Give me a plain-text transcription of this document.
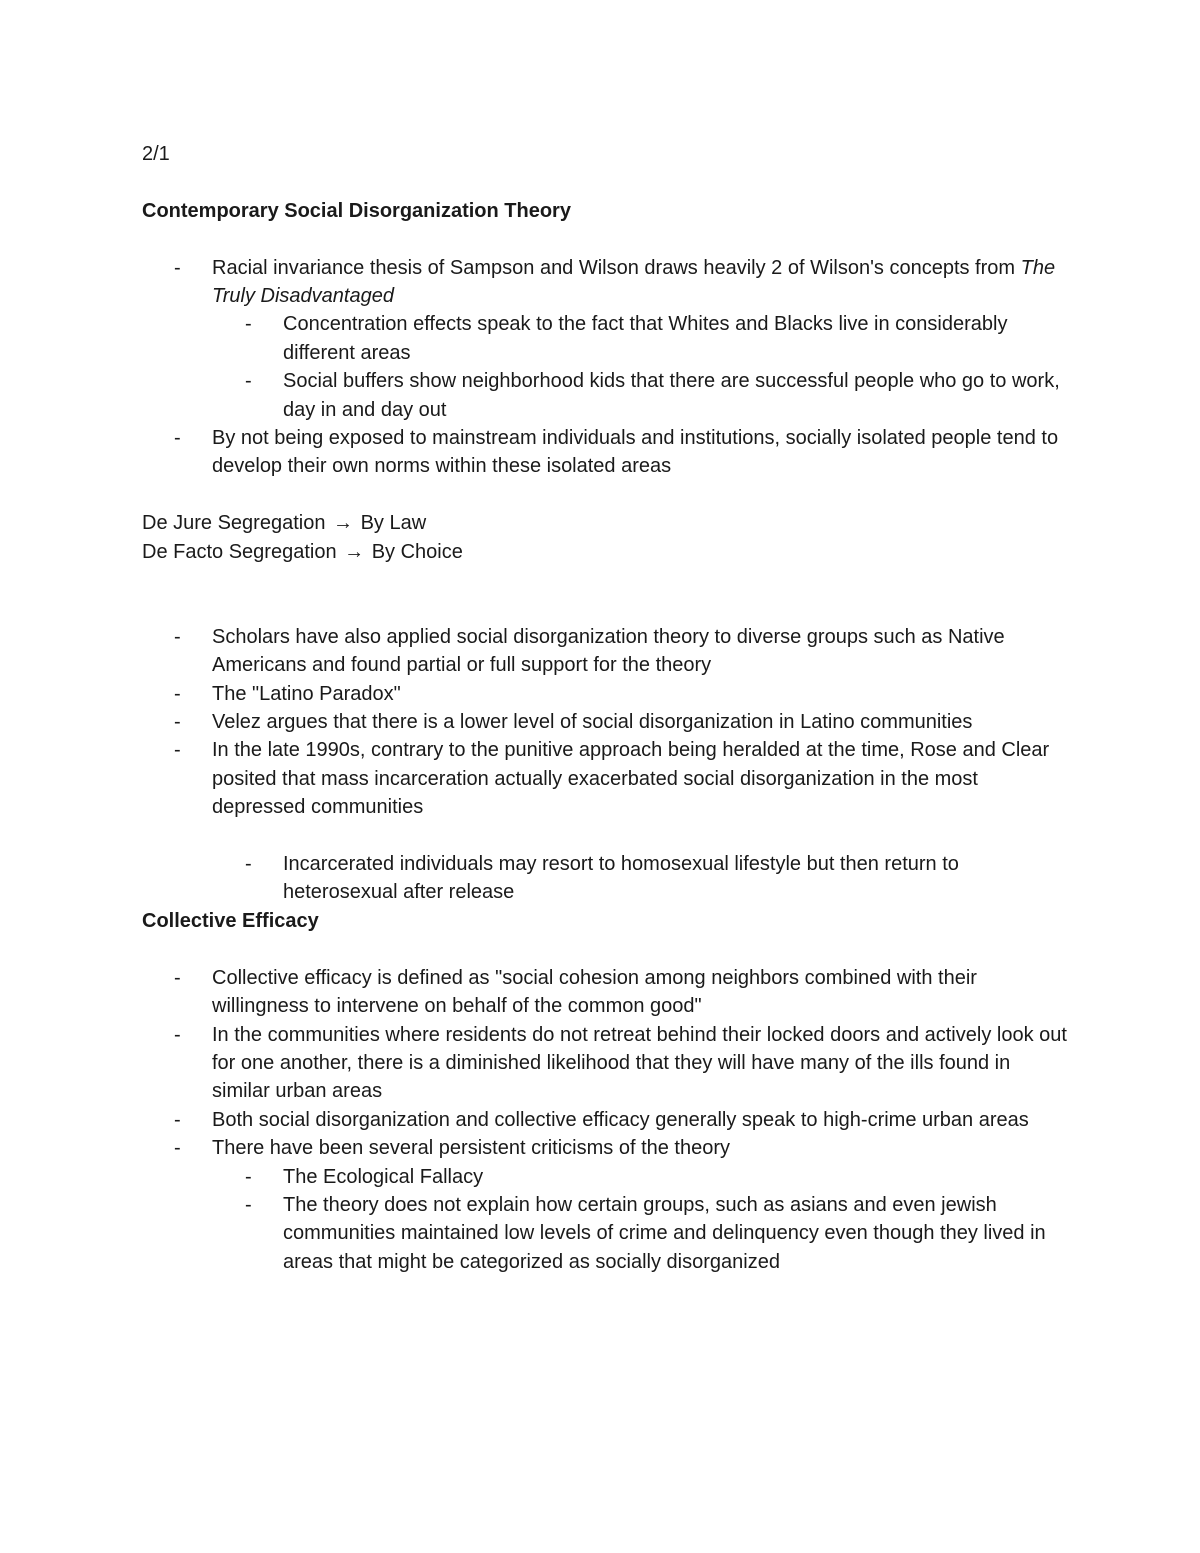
2/1

Contemporary Social Disorganization Theory

- Racial invariance thesis of Sampson and Wilson draws heavily 2 of Wilson's concepts from The Truly Disadvantaged

- Concentration effects speak to the fact that Whites and Blacks live in considerably different areas

- Social buffers show neighborhood kids that there are successful people who go to work, day in and day out

- By not being exposed to mainstream individuals and institutions, socially isolated people tend to develop their own norms within these isolated areas

De Jure Segregation → By Law

De Facto Segregation → By Choice

- Scholars have also applied social disorganization theory to diverse groups such as Native Americans and found partial or full support for the theory

- The "Latino Paradox"

- Velez argues that there is a lower level of social disorganization in Latino communities

- In the late 1990s, contrary to the punitive approach being heralded at the time, Rose and Clear posited that mass incarceration actually exacerbated social disorganization in the most depressed communities

- Incarcerated individuals may resort to homosexual lifestyle but then return to heterosexual after release

Collective Efficacy

- Collective efficacy is defined as "social cohesion among neighbors combined with their willingness to intervene on behalf of the common good"

- In the communities where residents do not retreat behind their locked doors and actively look out for one another, there is a diminished likelihood that they will have many of the ills found in similar urban areas

- Both social disorganization and collective efficacy generally speak to high-crime urban areas

- There have been several persistent criticisms of the theory

- The Ecological Fallacy

- The theory does not explain how certain groups, such as asians and even jewish communities maintained low levels of crime and delinquency even though they lived in areas that might be categorized as socially disorganized
